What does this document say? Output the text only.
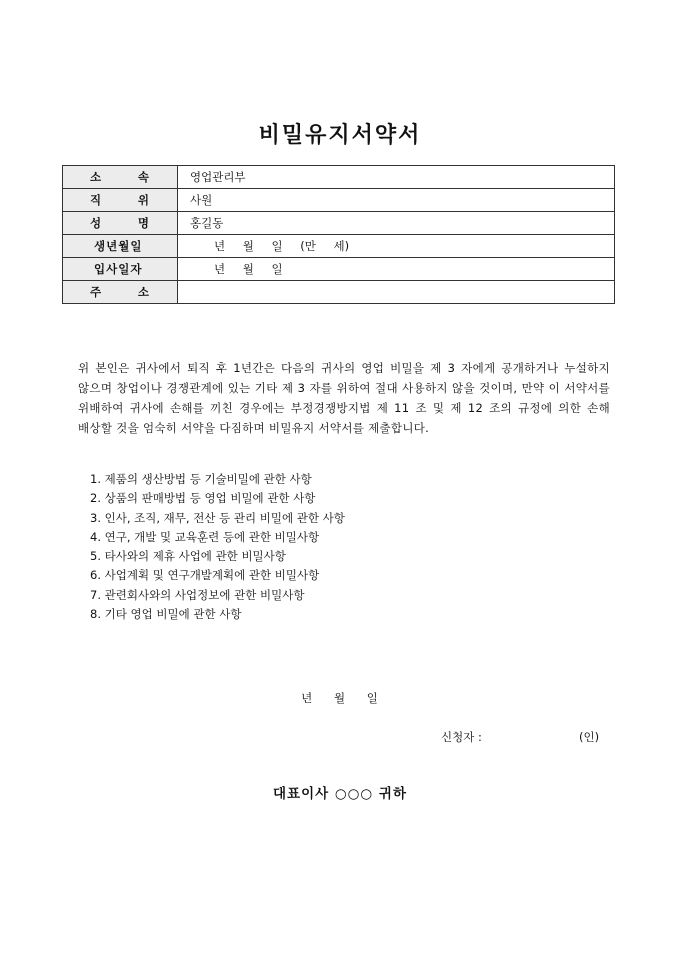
비밀유지서약서
소 속	영업관리부
직 위	사원
성 명	홍길동
생년월일	년 월 일 (만 세)
입사일자	년 월 일
주 소	
위 본인은 귀사에서 퇴직 후 1년간은 다음의 귀사의 영업 비밀을 제 3 자에게 공개하거나 누설하지 않으며 창업이나 경쟁관계에 있는 기타 제 3 자를 위하여 절대 사용하지 않을 것이며, 만약 이 서약서를 위배하여 귀사에 손해를 끼친 경우에는 부정경쟁방지법 제 11 조 및 제 12 조의 규정에 의한 손해 배상할 것을 엄숙히 서약을 다짐하며 비밀유지 서약서를 제출합니다.
1. 제품의 생산방법 등 기술비밀에 관한 사항
2. 상품의 판매방법 등 영업 비밀에 관한 사항
3. 인사, 조직, 재무, 전산 등 관리 비밀에 관한 사항
4. 연구, 개발 및 교육훈련 등에 관한 비밀사항
5. 타사와의 제휴 사업에 관한 비밀사항
6. 사업계획 및 연구개발계획에 관한 비밀사항
7. 관련회사와의 사업정보에 관한 비밀사항
8. 기타 영업 비밀에 관한 사항
년 월 일
신청자 :	(인)
대표이사 ○○○ 귀하
